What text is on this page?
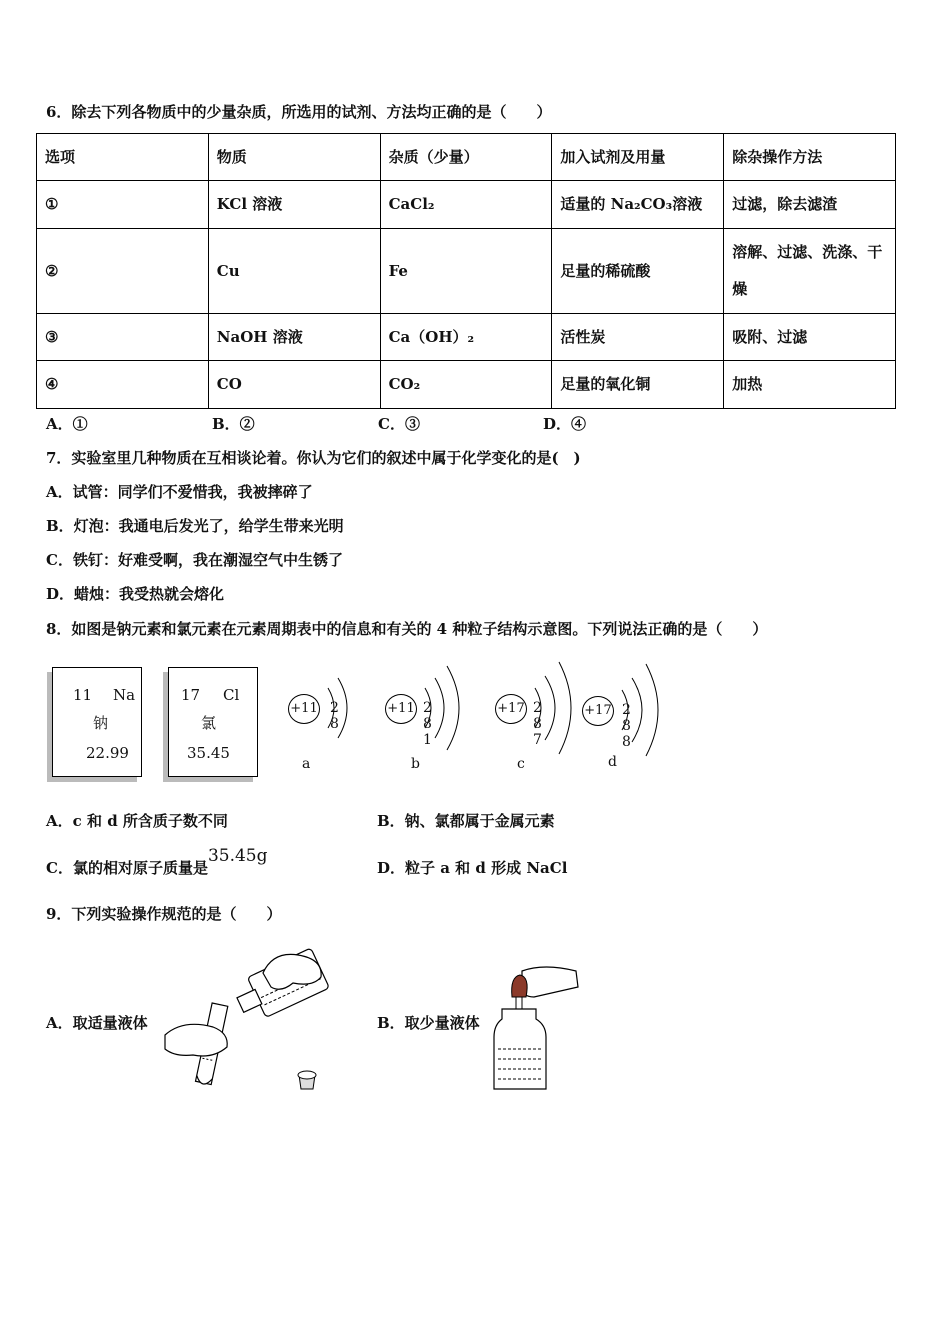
6．除去下列各物质中的少量杂质，所选用的试剂、方法均正确的是（　　）
选项	物质	杂质（少量）	加入试剂及用量	除杂操作方法
①	KCl 溶液	CaCl₂	适量的 Na₂CO₃溶液	过滤，除去滤渣
②	Cu	Fe	足量的稀硫酸	溶解、过滤、洗涤、干燥
③	NaOH 溶液	Ca（OH）₂	活性炭	吸附、过滤
④	CO	CO₂	足量的氧化铜	加热
A．①	B．②	C．③	D．④
7．实验室里几种物质在互相谈论着。你认为它们的叙述中属于化学变化的是(　)
A．试管：同学们不爱惜我，我被摔碎了
B．灯泡：我通电后发光了，给学生带来光明
C．铁钉：好难受啊，我在潮湿空气中生锈了
D．蜡烛：我受热就会熔化
8．如图是钠元素和氯元素在元素周期表中的信息和有关的 4 种粒子结构示意图。下列说法正确的是（　　）
11 Na
钠
22.99
17 Cl
氯
35.45
+11 2 8
a
+11 2 8 1
b
+17 2 8 7
c
+17 2 8 8
d
A．c 和 d 所含质子数不同	B．钠、氯都属于金属元素
C．氯的相对原子质量是35.45g
D．粒子 a 和 d 形成 NaCl
9．下列实验操作规范的是（　　）
A．取适量液体	B．取少量液体
